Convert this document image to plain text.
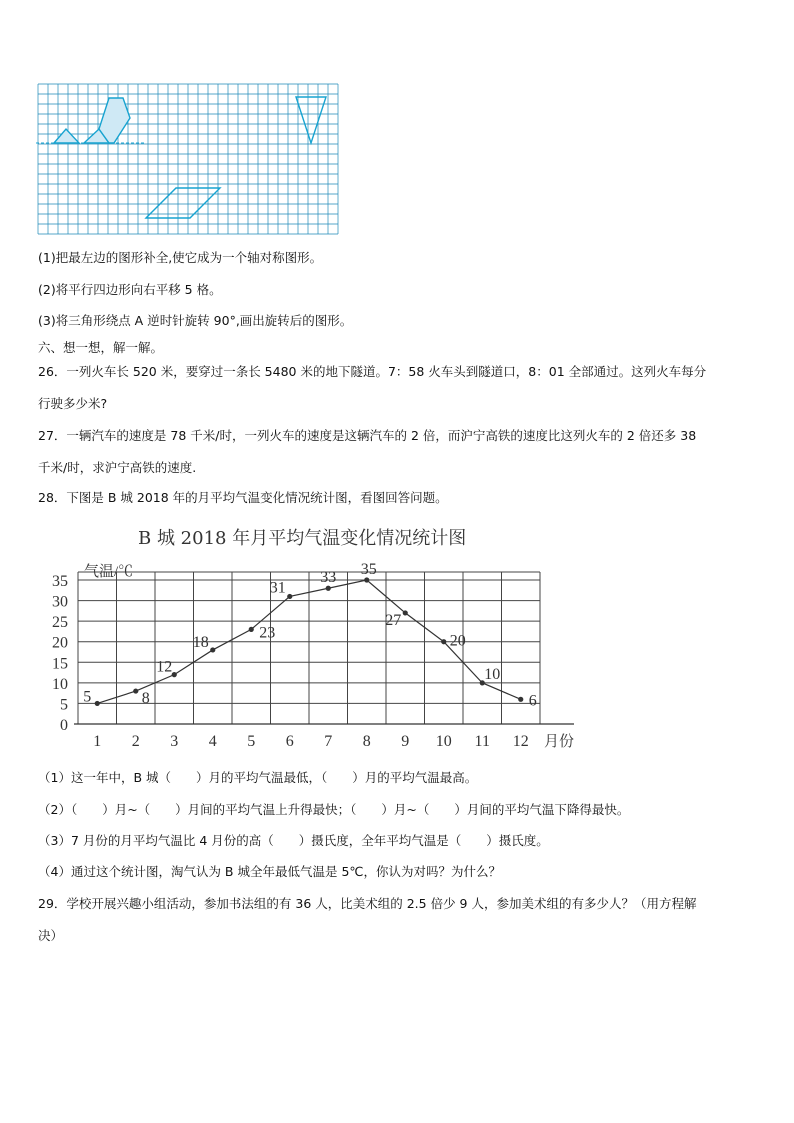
(1)把最左边的图形补全,使它成为一个轴对称图形。
(2)将平行四边形向右平移 5 格。
(3)将三角形绕点 A 逆时针旋转 90°,画出旋转后的图形。
六、想一想，解一解。
26．一列火车长 520 米，要穿过一条长 5480 米的地下隧道。7：58 火车头到隧道口，8：01 全部通过。这列火车每分
行驶多少米?
27．一辆汽车的速度是 78 千米/时，一列火车的速度是这辆汽车的 2 倍，而沪宁高铁的速度比这列火车的 2 倍还多 38
千米/时，求沪宁高铁的速度.
28．下图是 B 城 2018 年的月平均气温变化情况统计图，看图回答问题。
B 城 2018 年月平均气温变化情况统计图
0
5
10
15
20
25
30
35
1 2 3 4 5 6 7 8 9 10 11 12
5	8
12
18
23
31
33 35
27
20
10
6
气温/℃
月份
（1）这一年中，B 城（　　）月的平均气温最低，（　　）月的平均气温最高。
（2）（　　）月~（　　）月间的平均气温上升得最快；（　　）月~（　　）月间的平均气温下降得最快。
（3）7 月份的月平均气温比 4 月份的高（　　）摄氏度，全年平均气温是（　　）摄氏度。
（4）通过这个统计图，淘气认为 B 城全年最低气温是 5℃，你认为对吗？为什么？
29．学校开展兴趣小组活动，参加书法组的有 36 人，比美术组的 2.5 倍少 9 人，参加美术组的有多少人？（用方程解
决）
